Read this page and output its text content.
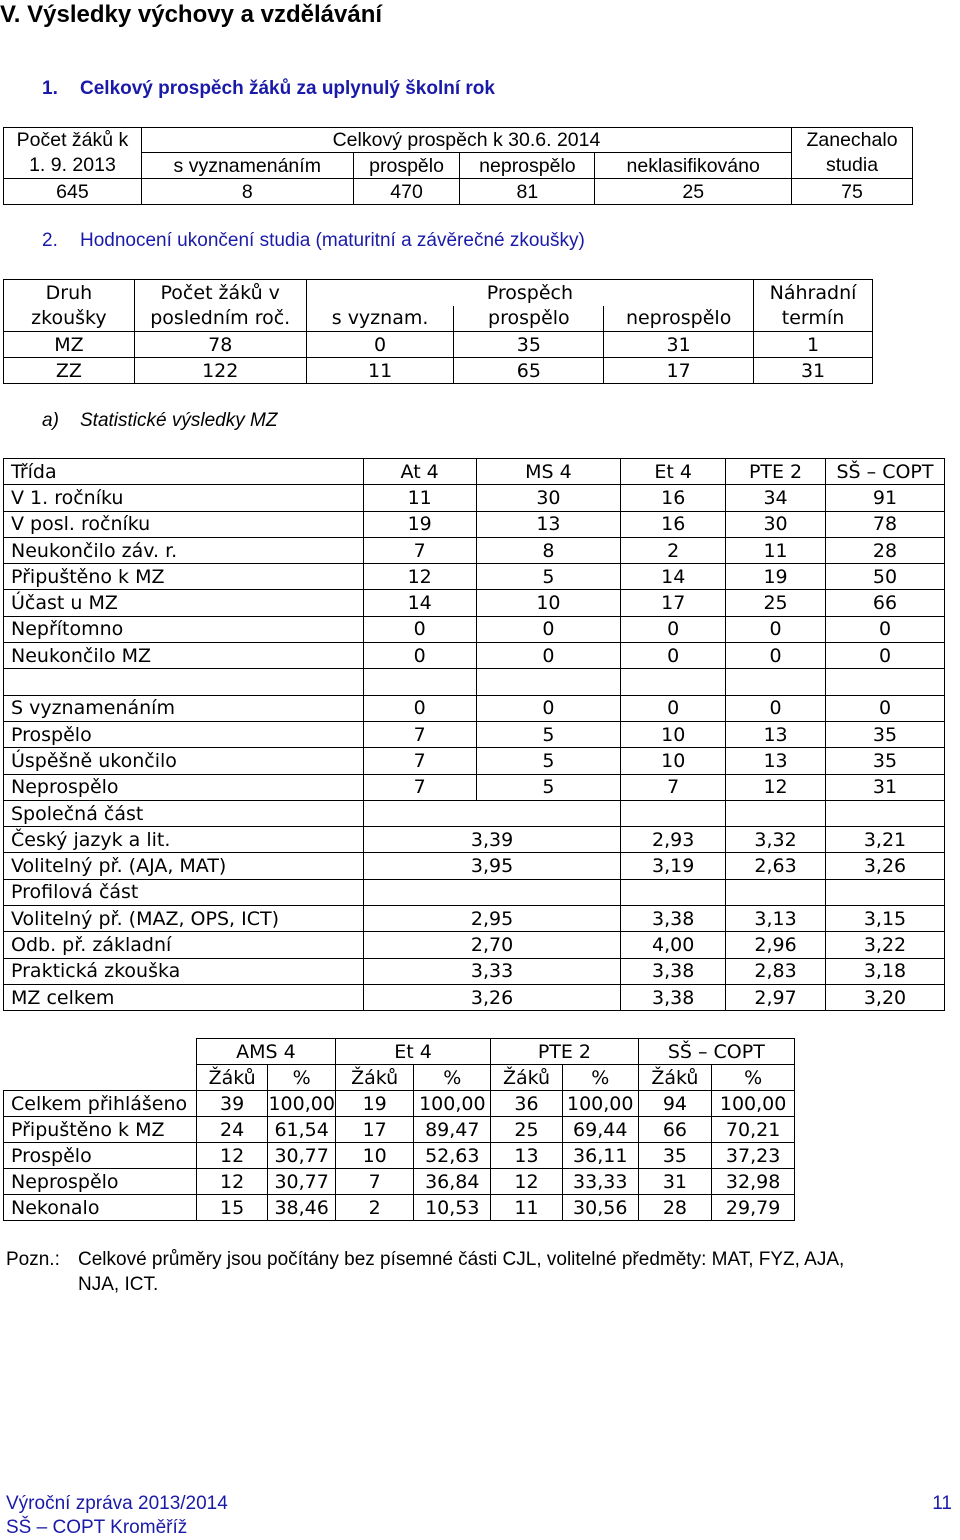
V. Výsledky výchovy a vzdělávání
1. Celkový prospěch žáků za uplynulý školní rok
Počet žáků k	Celkový prospěch k 30.6. 2014				Zanechalo
1. 9. 2013	s vyznamenáním	prospělo	neprospělo	neklasifikováno	studia
645	8	470	81	25	75
2. Hodnocení ukončení studia (maturitní a závěrečné zkoušky)
Druh	Počet žáků v	Prospěch			Náhradní
zkoušky	posledním roč.	s vyznam.	prospělo	neprospělo	termín
MZ	78	0	35	31	1
ZZ	122	11	65	17	31
a) Statistické výsledky MZ
Třída	At 4	MS 4	Et 4	PTE 2	SŠ – COPT
V 1. ročníku	11	30	16	34	91
V posl. ročníku	19	13	16	30	78
Neukončilo záv. r.	7	8	2	11	28
Připuštěno k MZ	12	5	14	19	50
Účast u MZ	14	10	17	25	66
Nepřítomno	0	0	0	0	0
Neukončilo MZ	0	0	0	0	0

S vyznamenáním	0	0	0	0	0
Prospělo	7	5	10	13	35
Úspěšně ukončilo	7	5	10	13	35
Neprospělo	7	5	7	12	31
Společná část					
Český jazyk a lit.	3,39		2,93	3,32	3,21
Volitelný př. (AJA, MAT)	3,95		3,19	2,63	3,26
Profilová část					
Volitelný př. (MAZ, OPS, ICT)	2,95		3,38	3,13	3,15
Odb. př. základní	2,70		4,00	2,96	3,22
Praktická zkouška	3,33		3,38	2,83	3,18
MZ celkem	3,26		3,38	2,97	3,20
	AMS 4		Et 4		PTE 2		SŠ – COPT	
	Žáků	%	Žáků	%	Žáků	%	Žáků	%
Celkem přihlášeno	39	100,00	19	100,00	36	100,00	94	100,00
Připuštěno k MZ	24	61,54	17	89,47	25	69,44	66	70,21
Prospělo	12	30,77	10	52,63	13	36,11	35	37,23
Neprospělo	12	30,77	7	36,84	12	33,33	31	32,98
Nekonalo	15	38,46	2	10,53	11	30,56	28	29,79
Pozn.: Celkové průměry jsou počítány bez písemné části CJL, volitelné předměty: MAT, FYZ, AJA,
NJA, ICT.
Výroční zpráva 2013/2014	11
SŠ – COPT Kroměříž
